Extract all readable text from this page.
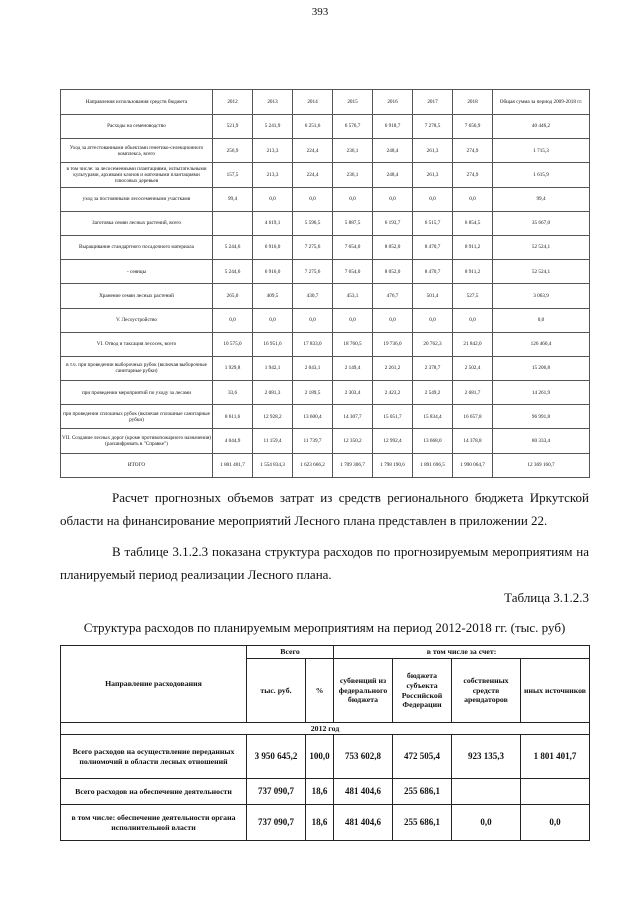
393
Направления использования средств бюджета	2012	2013	2014	2015	2016	2017	2018	Общая сумма за период 2009-2018 гг.
Расходы на семеноводство	521,9	5 241,9	6 251,6	6 576,7	6 918,7	7 278,5	7 656,9	40 446,2
Уход за аттестованными объектами генетико-селекционного комплекса, всего	256,9	213,3	224,4	236,1	248,4	261,3	274,9	1 715,3
в том числе: за лесосеменными плантациями, испытательными культурами, архивами клонов и маточными плантациями плюсовых деревьев	157,5	213,3	224,4	236,1	248,4	261,3	274,9	1 615,9
уход за постоянными лесосеменными участками	99,4	0,0	0,0	0,0	0,0	0,0	0,0	99,4
Заготовка семян лесных растений, всего		4 619,1	5 596,5	5 887,5	6 193,7	6 515,7	6 854,5	35 667,0
Выращивание стандартного посадочного материала	5 244,6	6 916,0	7 275,6	7 654,0	8 052,0	8 470,7	8 911,2	52 524,1
- сеянцы	5 244,6	6 916,0	7 275,6	7 654,0	8 052,0	8 470,7	8 911,2	52 524,1
Хранение семян лесных растений	265,0	409,5	430,7	453,1	476,7	501,4	527,5	3 063,9
V. Лесоустройство	0,0	0,0	0,0	0,0	0,0	0,0	0,0	0,0
VI. Отвод и таксация лесосек, всего	10 575,0	16 951,6	17 833,0	18 760,5	19 736,0	20 762,3	21 842,0	126 460,4
в т.ч. при проведении выборочных рубок (включая выборочные санитарные рубки)	1 929,8	1 942,1	2 043,1	2 149,4	2 261,2	2 378,7	2 502,4	15 206,8
при проведении мероприятий по уходу за лесами	33,6	2 081,3	2 189,5	2 303,4	2 423,2	2 549,2	2 681,7	14 261,9
при проведении сплошных рубок (включая сплошные санитарные рубки)	8 611,6	12 928,2	13 600,4	14 307,7	15 051,7	15 834,4	16 657,8	96 991,8
VII. Создание лесных дорог (кроме противопожарного назначения) (расшифровать в "Справке")	4 044,9	11 159,4	11 739,7	12 350,2	12 992,4	13 668,0	14 378,8	80 333,4
ИТОГО	1 801 401,7	1 554 834,3	1 623 666,2	1 709 306,7	1 798 190,6	1 891 696,5	1 990 064,7	12 369 160,7

Расчет прогнозных объемов затрат из средств регионального бюджета Иркутской области на финансирование мероприятий Лесного плана представлен в приложении 22.

В таблице 3.1.2.3 показана структура расходов по прогнозируемым мероприятиям на планируемый период реализации Лесного плана.

Таблица 3.1.2.3
Структура расходов по планируемым мероприятиям на период 2012-2018 гг. (тыс. руб)
Направление расходования	Всего		в том числе за счет:			
	тыс. руб.	%	субвенций из федерального бюджета	бюджета субъекта Российской Федерации	собственных средств арендаторов	иных источников
2012 год						
Всего расходов на осуществление переданных полномочий в области лесных отношений	3 950 645,2	100,0	753 602,8	472 505,4	923 135,3	1 801 401,7
Всего расходов на обеспечение деятельности	737 090,7	18,6	481 404,6	255 686,1		
в том числе: обеспечение деятельности органа исполнительной власти	737 090,7	18,6	481 404,6	255 686,1	0,0	0,0
